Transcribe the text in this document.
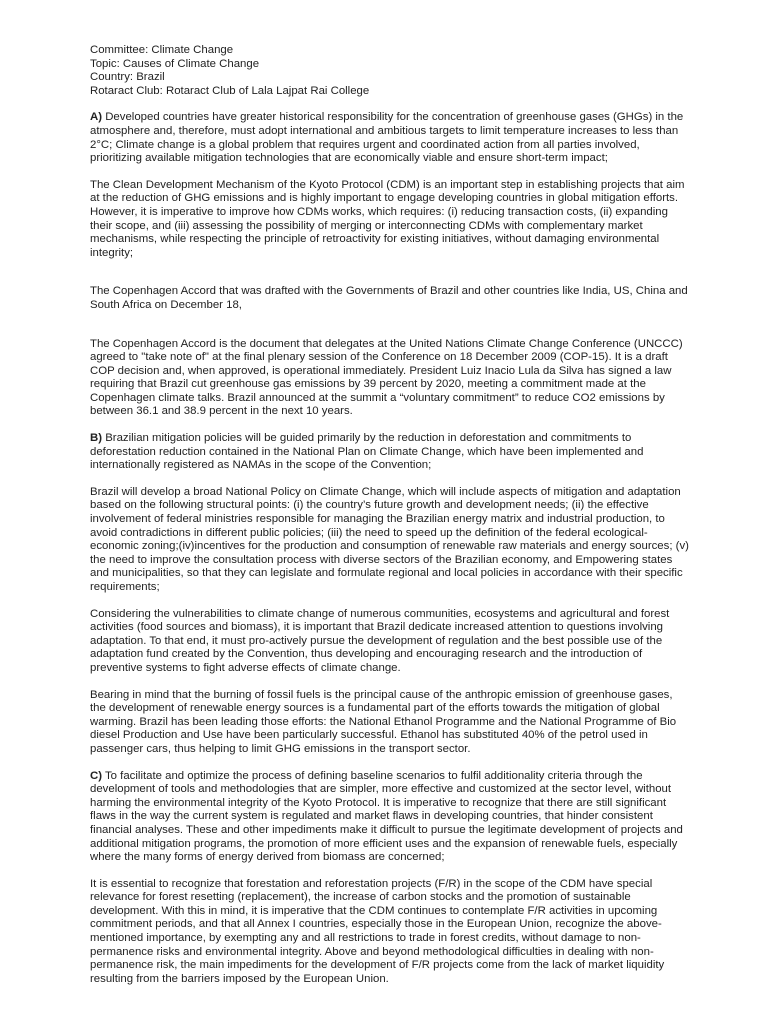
Committee: Climate Change
Topic: Causes of Climate Change
Country: Brazil
Rotaract Club: Rotaract Club of Lala Lajpat Rai College

A) Developed countries have greater historical responsibility for the concentration of greenhouse gases (GHGs) in the atmosphere and, therefore, must adopt international and ambitious targets to limit temperature increases to less than 2°C; Climate change is a global problem that requires urgent and coordinated action from all parties involved, prioritizing available mitigation technologies that are economically viable and ensure short-term impact;

The Clean Development Mechanism of the Kyoto Protocol (CDM) is an important step in establishing projects that aim at the reduction of GHG emissions and is highly important to engage developing countries in global mitigation efforts. However, it is imperative to improve how CDMs works, which requires: (i) reducing transaction costs, (ii) expanding their scope, and (iii) assessing the possibility of merging or interconnecting CDMs with complementary market mechanisms, while respecting the principle of retroactivity for existing initiatives, without damaging environmental integrity;

The Copenhagen Accord that was drafted with the Governments of Brazil and other countries like India, US, China and South Africa on December 18,

The Copenhagen Accord is the document that delegates at the United Nations Climate Change Conference (UNCCC) agreed to "take note of" at the final plenary session of the Conference on 18 December 2009 (COP-15). It is a draft COP decision and, when approved, is operational immediately. President Luiz Inacio Lula da Silva has signed a law requiring that Brazil cut greenhouse gas emissions by 39 percent by 2020, meeting a commitment made at the Copenhagen climate talks. Brazil announced at the summit a “voluntary commitment” to reduce CO2 emissions by between 36.1 and 38.9 percent in the next 10 years.

B) Brazilian mitigation policies will be guided primarily by the reduction in deforestation and commitments to deforestation reduction contained in the National Plan on Climate Change, which have been implemented and internationally registered as NAMAs in the scope of the Convention;

Brazil will develop a broad National Policy on Climate Change, which will include aspects of mitigation and adaptation based on the following structural points: (i) the country’s future growth and development needs; (ii) the effective involvement of federal ministries responsible for managing the Brazilian energy matrix and industrial production, to avoid contradictions in different public policies; (iii) the need to speed up the definition of the federal ecological-economic zoning;(iv)incentives for the production and consumption of renewable raw materials and energy sources; (v) the need to improve the consultation process with diverse sectors of the Brazilian economy, and Empowering states and municipalities, so that they can legislate and formulate regional and local policies in accordance with their specific requirements;

Considering the vulnerabilities to climate change of numerous communities, ecosystems and agricultural and forest activities (food sources and biomass), it is important that Brazil dedicate increased attention to questions involving adaptation. To that end, it must pro-actively pursue the development of regulation and the best possible use of the adaptation fund created by the Convention, thus developing and encouraging research and the introduction of preventive systems to fight adverse effects of climate change.

Bearing in mind that the burning of fossil fuels is the principal cause of the anthropic emission of greenhouse gases, the development of renewable energy sources is a fundamental part of the efforts towards the mitigation of global warming. Brazil has been leading those efforts: the National Ethanol Programme and the National Programme of Bio diesel Production and Use have been particularly successful. Ethanol has substituted 40% of the petrol used in passenger cars, thus helping to limit GHG emissions in the transport sector.

C) To facilitate and optimize the process of defining baseline scenarios to fulfil additionality criteria through the development of tools and methodologies that are simpler, more effective and customized at the sector level, without harming the environmental integrity of the Kyoto Protocol. It is imperative to recognize that there are still significant flaws in the way the current system is regulated and market flaws in developing countries, that hinder consistent financial analyses. These and other impediments make it difficult to pursue the legitimate development of projects and additional mitigation programs, the promotion of more efficient uses and the expansion of renewable fuels, especially where the many forms of energy derived from biomass are concerned;

It is essential to recognize that forestation and reforestation projects (F/R) in the scope of the CDM have special relevance for forest resetting (replacement), the increase of carbon stocks and the promotion of sustainable development. With this in mind, it is imperative that the CDM continues to contemplate F/R activities in upcoming commitment periods, and that all Annex I countries, especially those in the European Union, recognize the above-mentioned importance, by exempting any and all restrictions to trade in forest credits, without damage to non-permanence risks and environmental integrity. Above and beyond methodological difficulties in dealing with non-permanence risk, the main impediments for the development of F/R projects come from the lack of market liquidity resulting from the barriers imposed by the European Union.
